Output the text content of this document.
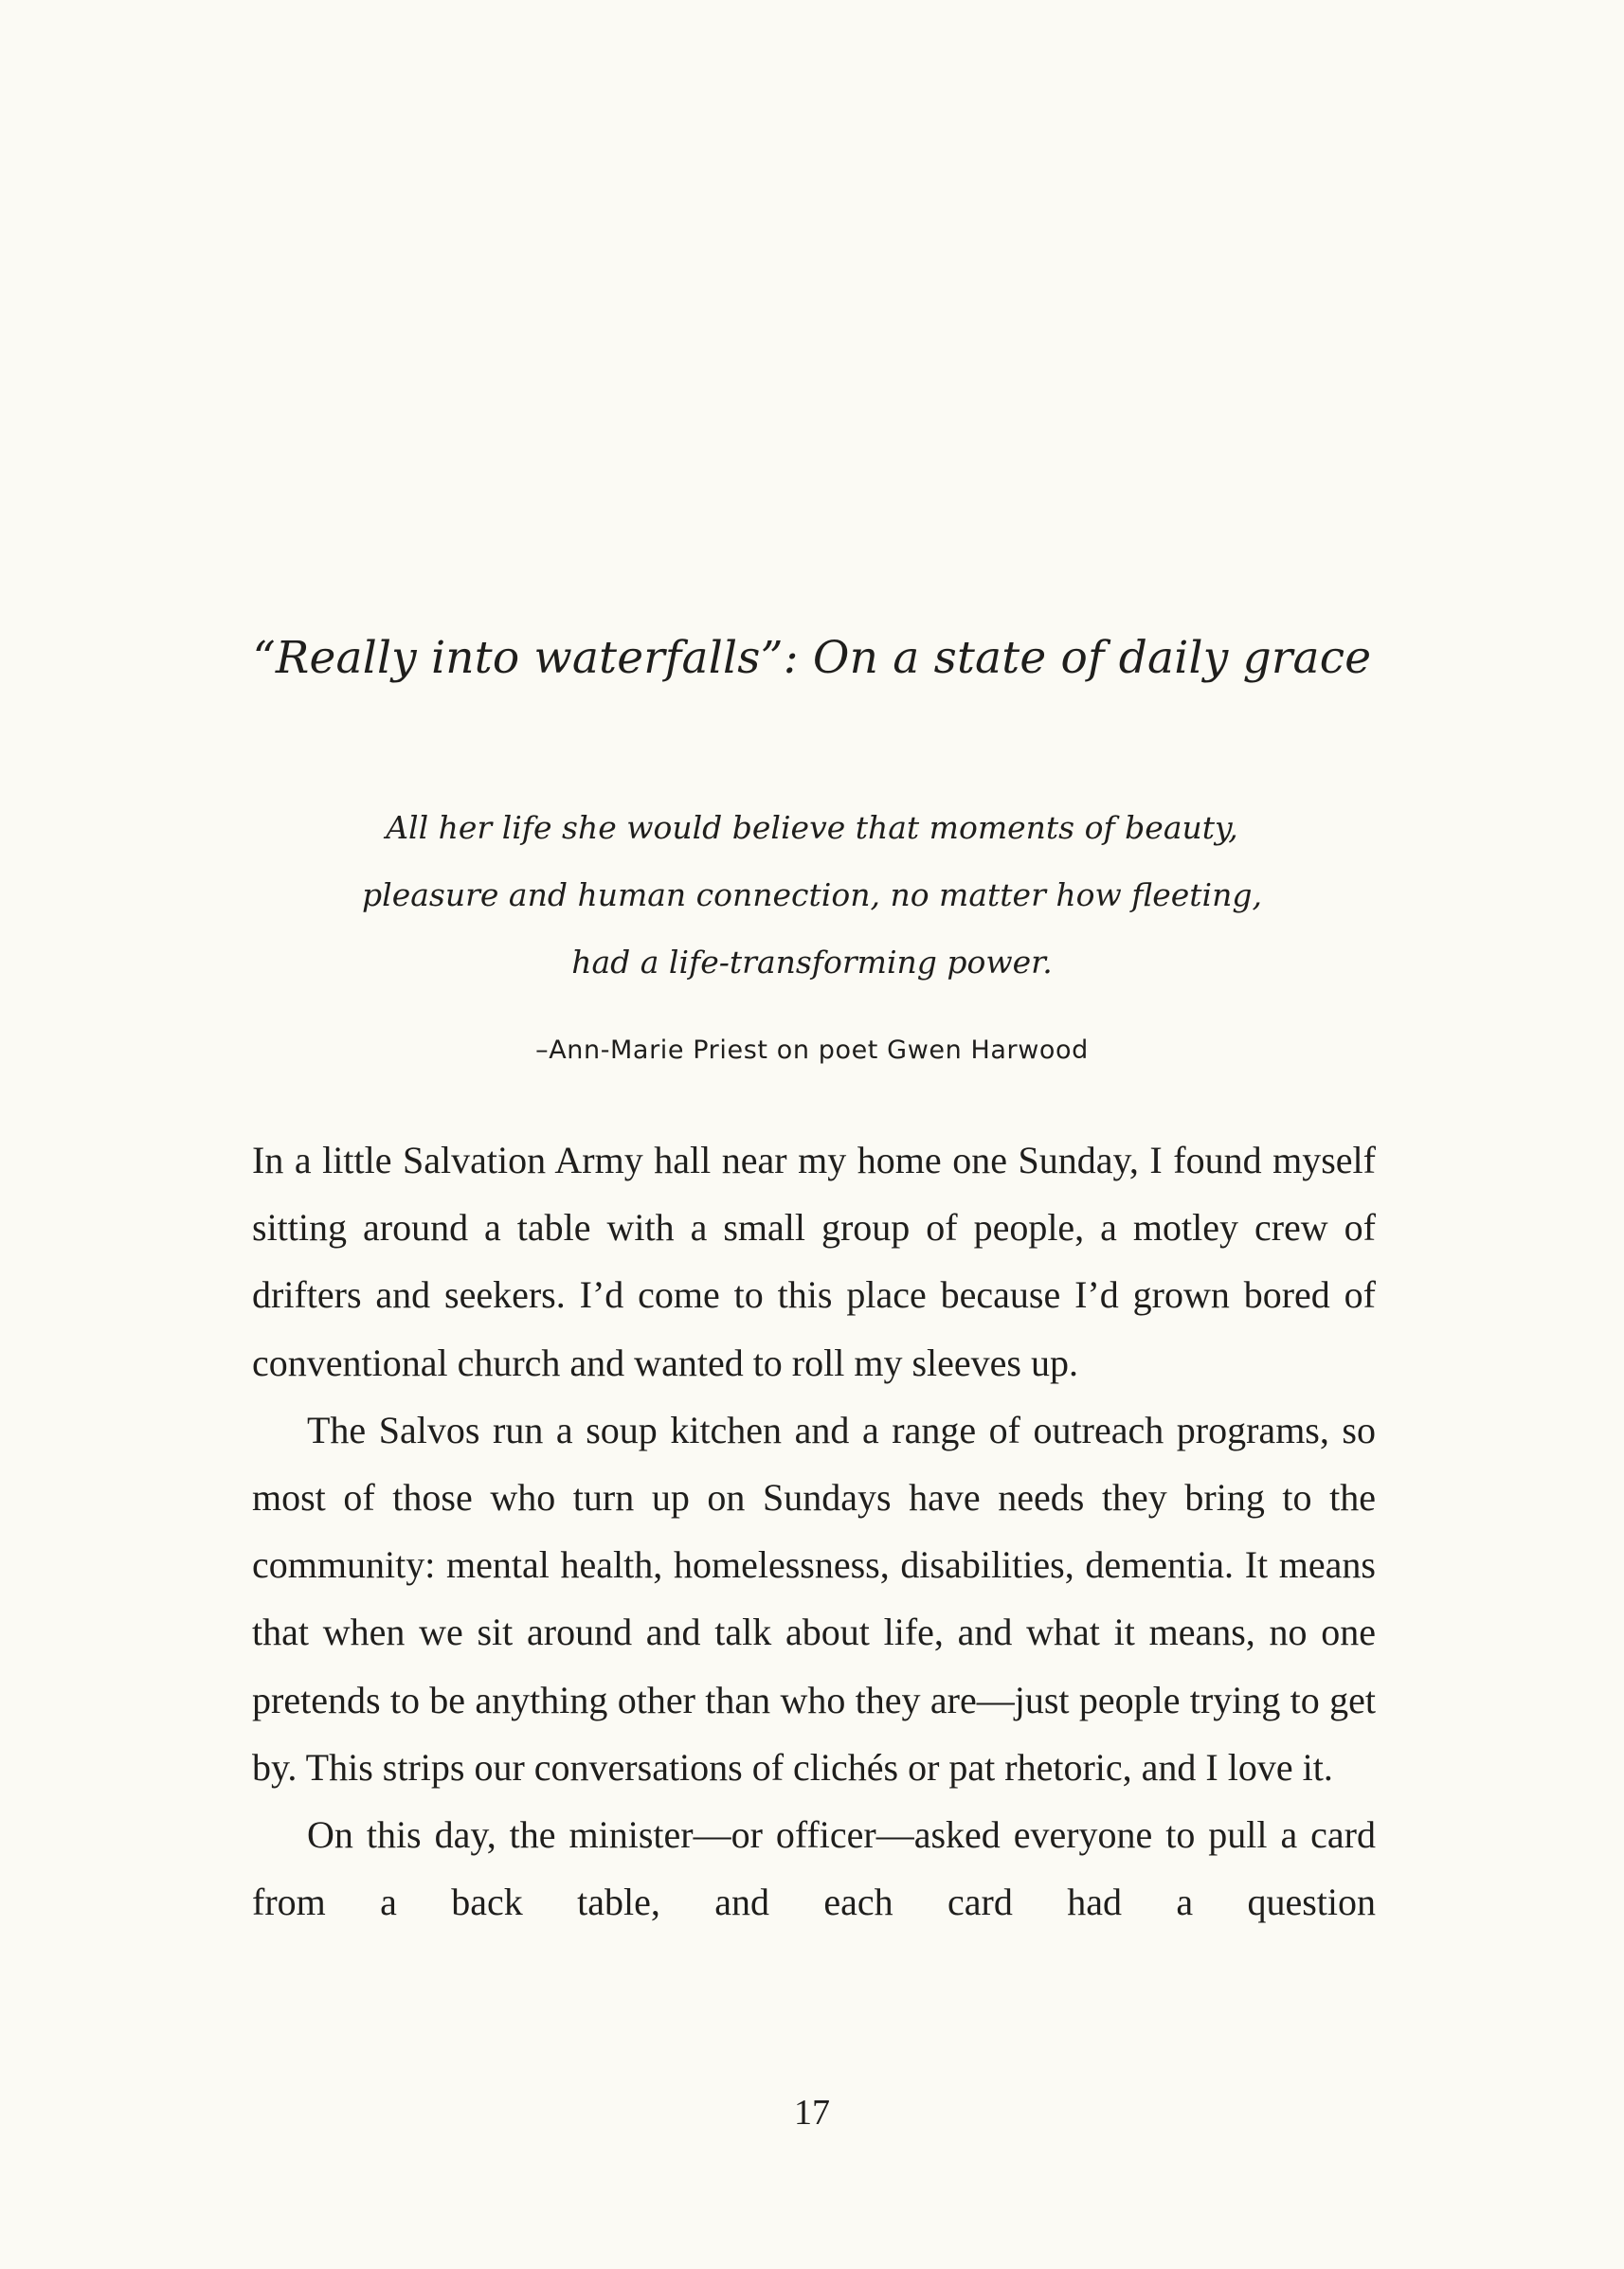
“Really into waterfalls”: On a state of daily grace
All her life she would believe that moments of beauty,
pleasure and human connection, no matter how fleeting,
had a life-transforming power.
–Ann-Marie Priest on poet Gwen Harwood

In a little Salvation Army hall near my home one Sunday, I found myself sitting around a table with a small group of people, a motley crew of drifters and seekers. I’d come to this place because I’d grown bored of conventional church and wanted to roll my sleeves up.

The Salvos run a soup kitchen and a range of outreach programs, so most of those who turn up on Sundays have needs they bring to the community: mental health, homelessness, disabilities, dementia. It means that when we sit around and talk about life, and what it means, no one pretends to be anything other than who they are—just people trying to get by. This strips our conversations of clichés or pat rhetoric, and I love it.

On this day, the minister—or officer—asked everyone to pull a card from a back table, and each card had a question

17
